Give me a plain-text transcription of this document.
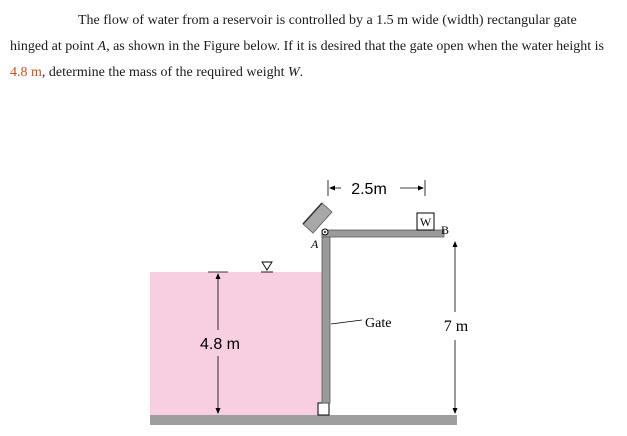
The flow of water from a reservoir is controlled by a 1.5 m wide (width) rectangular gate hinged at point A, as shown in the Figure below. If it is desired that the gate open when the water height is 4.8 m, determine the mass of the required weight W.

W
B
A
2.5m
4.8 m
Gate	7 m
